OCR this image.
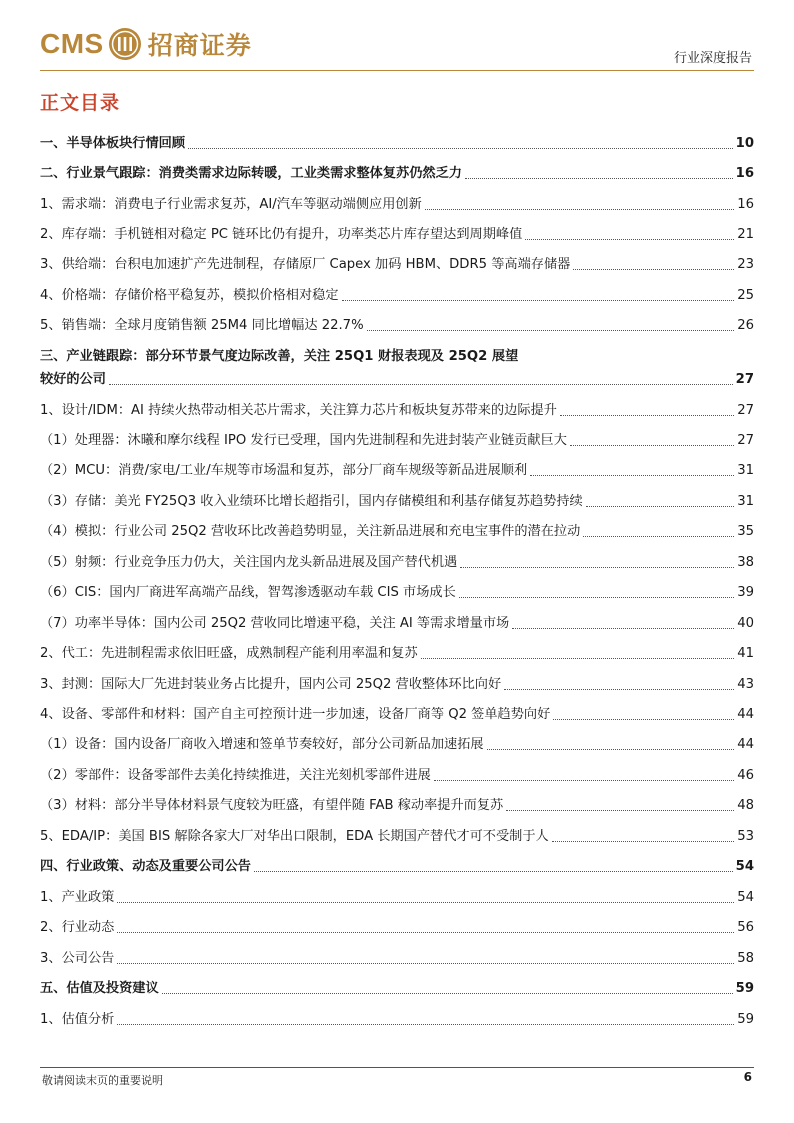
CMS 招商证券	行业深度报告
正文目录
一、半导体板块行情回顾	10
二、行业景气跟踪：消费类需求边际转暖，工业类需求整体复苏仍然乏力	16
1、需求端：消费电子行业需求复苏，AI/汽车等驱动端侧应用创新	16
2、库存端：手机链相对稳定 PC 链环比仍有提升，功率类芯片库存望达到周期峰值	21
3、供给端：台积电加速扩产先进制程，存储原厂 Capex 加码 HBM、DDR5 等高端存储器	23
4、价格端：存储价格平稳复苏，模拟价格相对稳定	25
5、销售端：全球月度销售额 25M4 同比增幅达 22.7%	26
三、产业链跟踪：部分环节景气度边际改善，关注 25Q1 财报表现及 25Q2 展望
较好的公司	27
1、设计/IDM：AI 持续火热带动相关芯片需求，关注算力芯片和板块复苏带来的边际提升	27
（1）处理器：沐曦和摩尔线程 IPO 发行已受理，国内先进制程和先进封装产业链贡献巨大	27
（2）MCU：消费/家电/工业/车规等市场温和复苏，部分厂商车规级等新品进展顺利	31
（3）存储：美光 FY25Q3 收入业绩环比增长超指引，国内存储模组和利基存储复苏趋势持续	31
（4）模拟：行业公司 25Q2 营收环比改善趋势明显，关注新品进展和充电宝事件的潜在拉动	35
（5）射频：行业竞争压力仍大，关注国内龙头新品进展及国产替代机遇	38
（6）CIS：国内厂商进军高端产品线，智驾渗透驱动车载 CIS 市场成长	39
（7）功率半导体：国内公司 25Q2 营收同比增速平稳，关注 AI 等需求增量市场	40
2、代工：先进制程需求依旧旺盛，成熟制程产能利用率温和复苏	41
3、封测：国际大厂先进封装业务占比提升，国内公司 25Q2 营收整体环比向好	43
4、设备、零部件和材料：国产自主可控预计进一步加速，设备厂商等 Q2 签单趋势向好	44
（1）设备：国内设备厂商收入增速和签单节奏较好，部分公司新品加速拓展	44
（2）零部件：设备零部件去美化持续推进，关注光刻机零部件进展	46
（3）材料：部分半导体材料景气度较为旺盛，有望伴随 FAB 稼动率提升而复苏	48
5、EDA/IP：美国 BIS 解除各家大厂对华出口限制，EDA 长期国产替代才可不受制于人	53
四、行业政策、动态及重要公司公告	54
1、产业政策	54
2、行业动态	56
3、公司公告	58
五、估值及投资建议	59
1、估值分析	59
敬请阅读末页的重要说明	6
